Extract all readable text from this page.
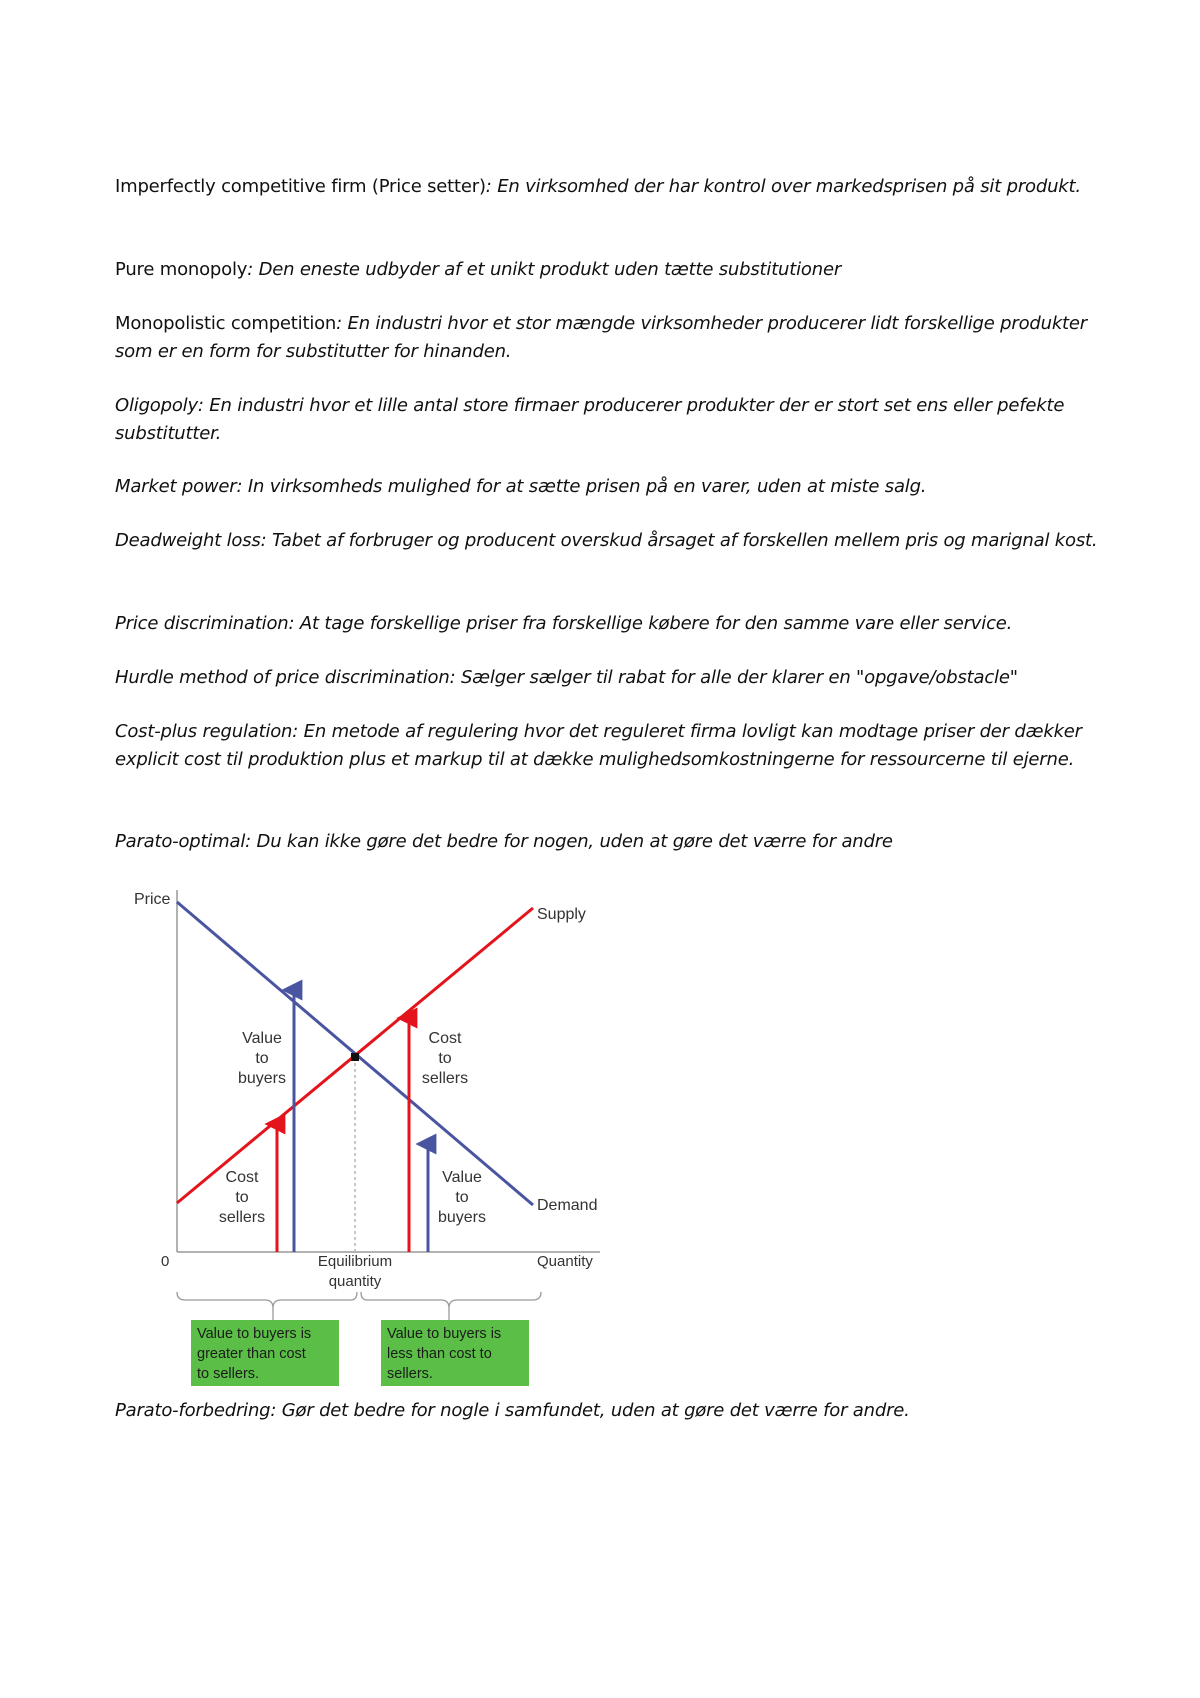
Imperfectly competitive firm (Price setter): En virksomhed der har kontrol over markedsprisen på sit produkt.

Pure monopoly: Den eneste udbyder af et unikt produkt uden tætte substitutioner

Monopolistic competition: En industri hvor et stor mængde virksomheder producerer lidt forskellige produkter som er en form for substitutter for hinanden.

Oligopoly: En industri hvor et lille antal store firmaer producerer produkter der er stort set ens eller pefekte substitutter.

Market power: In virksomheds mulighed for at sætte prisen på en varer, uden at miste salg.

Deadweight loss: Tabet af forbruger og producent overskud årsaget af forskellen mellem pris og marignal kost.

Price discrimination: At tage forskellige priser fra forskellige købere for den samme vare eller service.

Hurdle method of price discrimination: Sælger sælger til rabat for alle der klarer en "opgave/obstacle"

Cost-plus regulation: En metode af regulering hvor det reguleret firma lovligt kan modtage priser der dækker explicit cost til produktion plus et markup til at dække mulighedsomkostningerne for ressourcerne til ejerne.

Parato-optimal: Du kan ikke gøre det bedre for nogen, uden at gøre det værre for andre

Price
0	Quantity
Supply
Demand
Value
to
buyers
Cost
to
sellers
Cost
to
sellers
Value
to
buyers
Equilibrium
quantity
Value to buyers is
greater than cost
to sellers.
Value to buyers is
less than cost to
sellers.

Parato-forbedring: Gør det bedre for nogle i samfundet, uden at gøre det værre for andre.
